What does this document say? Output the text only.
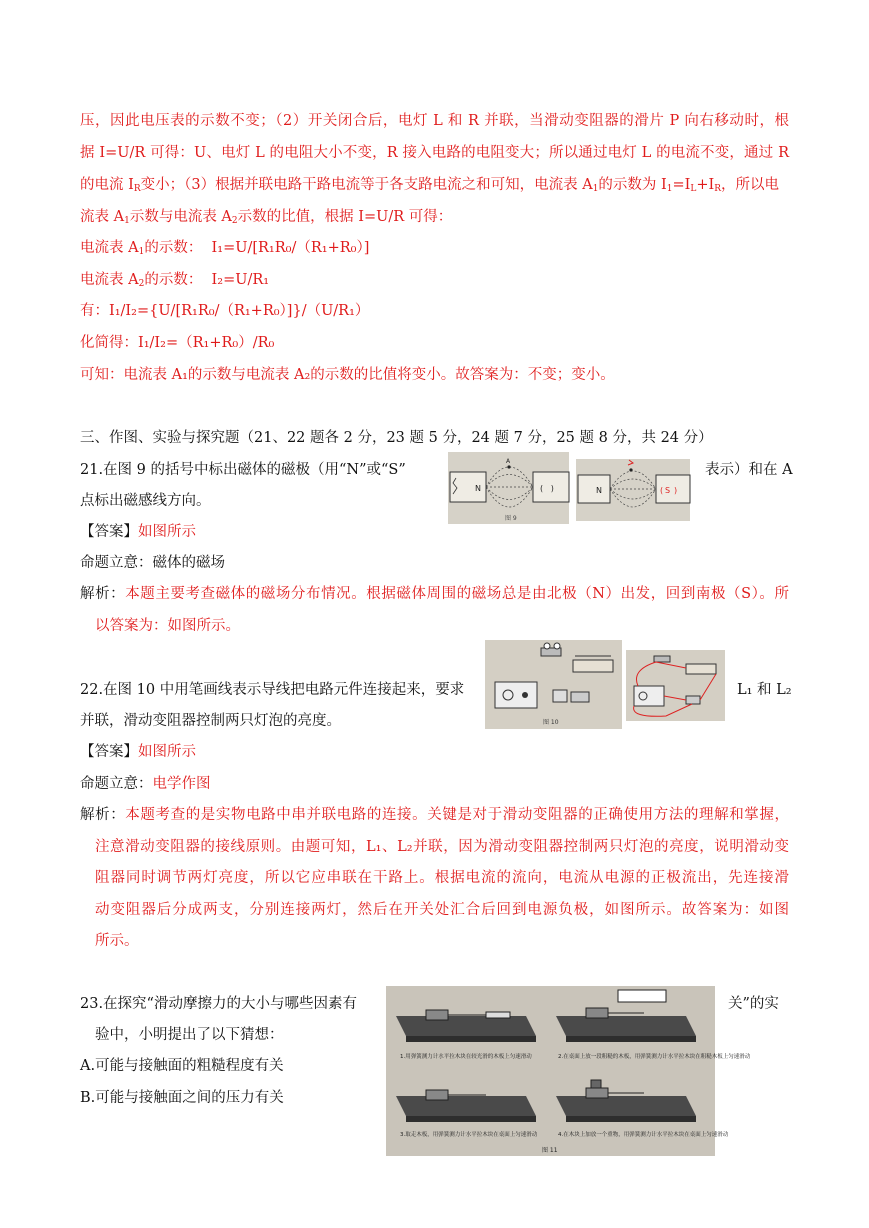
压，因此电压表的示数不变；（2）开关闭合后，电灯 L 和 R 并联，当滑动变阻器的滑片 P 向右移动时，根
据 I=U/R 可得：U、电灯 L 的电阻大小不变，R 接入电路的电阻变大；所以通过电灯 L 的电流不变，通过 R
的电流 $I_R$变小；（3）根据并联电路干路电流等于各支路电流之和可知，电流表 $A_1$的示数为 $I_1=I_L+I_R$，所以电
流表 $A_1$示数与电流表 $A_2$示数的比值，根据 I=U/R 可得：
电流表 $A_1$的示数： I₁=U/[R₁R₀/（R₁+R₀）]
电流表 $A_2$的示数： I₂=U/R₁
有：I₁/I₂={U/[R₁R₀/（R₁+R₀）]}/（U/R₁）
化简得：I₁/I₂=（R₁+R₀）/R₀
可知：电流表 A₁的示数与电流表 A₂的示数的比值将变小。故答案为：不变；变小。
三、作图、实验与探究题（21、22 题各 2 分，23 题 5 分，24 题 7 分，25 题 8 分，共 24 分）
21.在图 9 的括号中标出磁体的磁极（用“N”或“S”	表示）和在 A
点标出磁感线方向。
N
A
(   )
图 9
N	S
( )
【答案】如图所示
命题立意：磁体的磁场
解析：本题主要考查磁体的磁场分布情况。根据磁体周围的磁场总是由北极（N）出发，回到南极（S）。所
以答案为：如图所示。
图 10
22.在图 10 中用笔画线表示导线把电路元件连接起来，要求	L₁ 和 L₂
并联，滑动变阻器控制两只灯泡的亮度。
【答案】如图所示
命题立意：电学作图
解析：本题考查的是实物电路中串并联电路的连接。关键是对于滑动变阻器的正确使用方法的理解和掌握，
注意滑动变阻器的接线原则。由题可知，L₁、L₂并联，因为滑动变阻器控制两只灯泡的亮度，说明滑动变
阻器同时调节两灯亮度，所以它应串联在干路上。根据电流的流向，电流从电源的正极流出，先连接滑
动变阻器后分成两支，分别连接两灯，然后在开关处汇合后回到电源负极，如图所示。故答案为：如图
所示。
23.在探究“滑动摩擦力的大小与哪些因素有	关”的实
验中，小明提出了以下猜想：
A.可能与接触面的粗糙程度有关
B.可能与接触面之间的压力有关
1.用弹簧测力计水平拉木块在较光滑的木板上匀速滑动	2.在桌面上放一段粗糙的木板，用弹簧测力计水平拉木块在粗糙木板上匀速滑动
3.取走木板，用弹簧测力计水平拉木块在桌面上匀速滑动	4.在木块上加放一个重物，用弹簧测力计水平拉木块在桌面上匀速滑动
图 11
